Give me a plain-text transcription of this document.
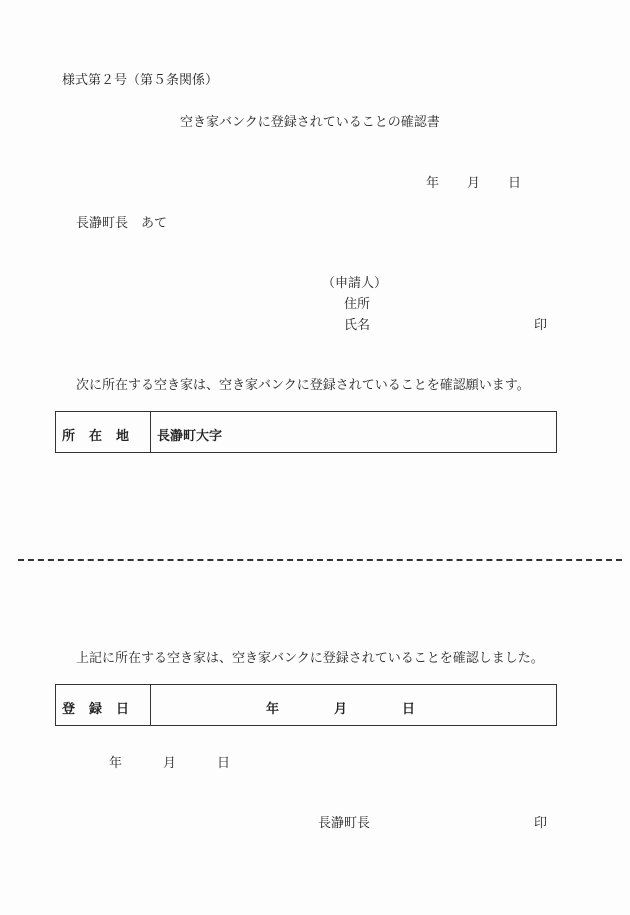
様式第２号（第５条関係）
空き家バンクに登録されていることの確認書
年 月 日
長瀞町長　あて
（申請人）
住所
氏名	印
次に所在する空き家は、空き家バンクに登録されていることを確認願います。
所 在 地 長瀞町大字
上記に所在する空き家は、空き家バンクに登録されていることを確認しました。
登 録 日	年	月	日
年	月	日
長瀞町長	印
